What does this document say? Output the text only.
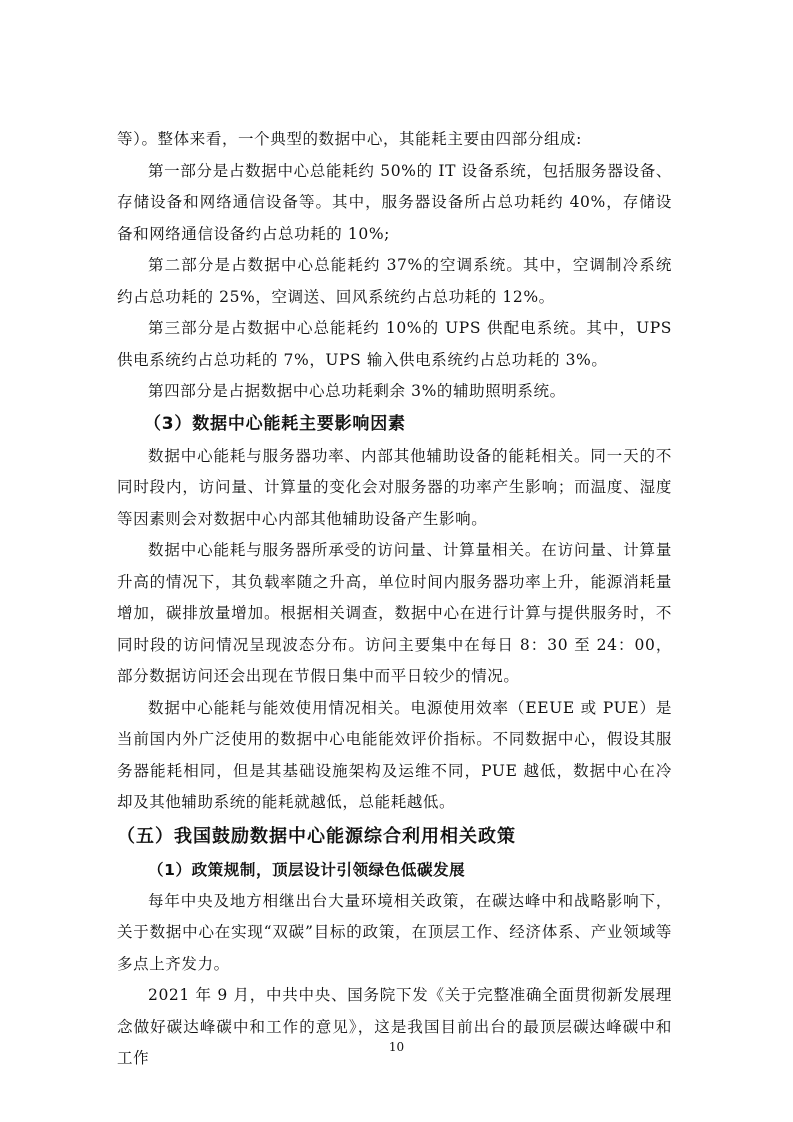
等）。整体来看，一个典型的数据中心，其能耗主要由四部分组成:

第一部分是占数据中心总能耗约 50%的 IT 设备系统，包括服务器设备、存储设备和网络通信设备等。其中，服务器设备所占总功耗约 40%，存储设备和网络通信设备约占总功耗的 10%;

第二部分是占数据中心总能耗约 37%的空调系统。其中，空调制冷系统约占总功耗的 25%，空调送、回风系统约占总功耗的 12%。

第三部分是占数据中心总能耗约 10%的 UPS 供配电系统。其中，UPS 供电系统约占总功耗的 7%，UPS 输入供电系统约占总功耗的 3%。

第四部分是占据数据中心总功耗剩余 3%的辅助照明系统。

（3）数据中心能耗主要影响因素

数据中心能耗与服务器功率、内部其他辅助设备的能耗相关。同一天的不同时段内，访问量、计算量的变化会对服务器的功率产生影响；而温度、湿度等因素则会对数据中心内部其他辅助设备产生影响。

数据中心能耗与服务器所承受的访问量、计算量相关。在访问量、计算量升高的情况下，其负载率随之升高，单位时间内服务器功率上升，能源消耗量增加，碳排放量增加。根据相关调查，数据中心在进行计算与提供服务时，不同时段的访问情况呈现波态分布。访问主要集中在每日 8：30 至 24：00，部分数据访问还会出现在节假日集中而平日较少的情况。

数据中心能耗与能效使用情况相关。电源使用效率（EEUE 或 PUE）是当前国内外广泛使用的数据中心电能能效评价指标。不同数据中心，假设其服务器能耗相同，但是其基础设施架构及运维不同，PUE 越低，数据中心在冷却及其他辅助系统的能耗就越低，总能耗越低。

（五）我国鼓励数据中心能源综合利用相关政策
（1）政策规制，顶层设计引领绿色低碳发展

每年中央及地方相继出台大量环境相关政策，在碳达峰中和战略影响下，关于数据中心在实现“双碳”目标的政策，在顶层工作、经济体系、产业领域等多点上齐发力。

2021 年 9 月，中共中央、国务院下发《关于完整准确全面贯彻新发展理念做好碳达峰碳中和工作的意见》，这是我国目前出台的最顶层碳达峰碳中和工作

10
